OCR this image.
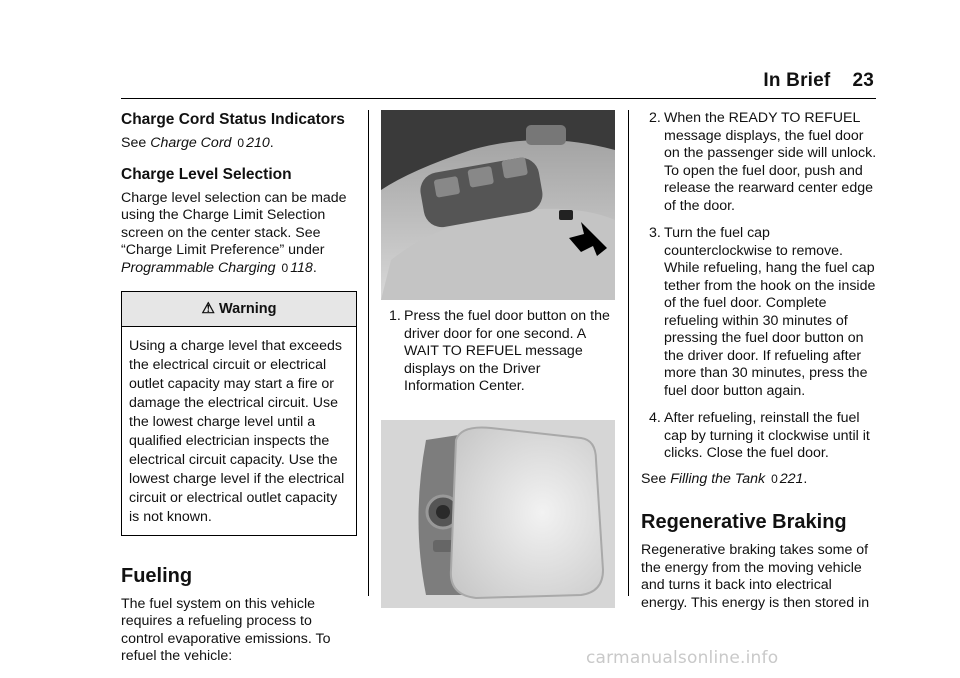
In Brief 23
Charge Cord Status Indicators

See Charge Cord 0 210.

Charge Level Selection

Charge level selection can be made using the Charge Limit Selection screen on the center stack. See “Charge Limit Preference” under Programmable Charging 0 118.

⚠ Warning
Using a charge level that exceeds the electrical circuit or electrical outlet capacity may start a fire or damage the electrical circuit. Use the lowest charge level until a qualified electrician inspects the electrical circuit capacity. Use the lowest charge level if the electrical circuit or electrical outlet capacity is not known.
Fueling

The fuel system on this vehicle requires a refueling process to control evaporative emissions. To refuel the vehicle:

1. Press the fuel door button on the driver door for one second. A WAIT TO REFUEL message displays on the Driver Information Center.
2. When the READY TO REFUEL message displays, the fuel door on the passenger side will unlock. To open the fuel door, push and release the rearward center edge of the door.
3. Turn the fuel cap counterclockwise to remove. While refueling, hang the fuel cap tether from the hook on the inside of the fuel door. Complete refueling within 30 minutes of pressing the fuel door button on the driver door. If refueling after more than 30 minutes, press the fuel door button again.
4. After refueling, reinstall the fuel cap by turning it clockwise until it clicks. Close the fuel door.

See Filling the Tank 0 221.

Regenerative Braking

Regenerative braking takes some of the energy from the moving vehicle and turns it back into electrical energy. This energy is then stored in

carmanualsonline.info
